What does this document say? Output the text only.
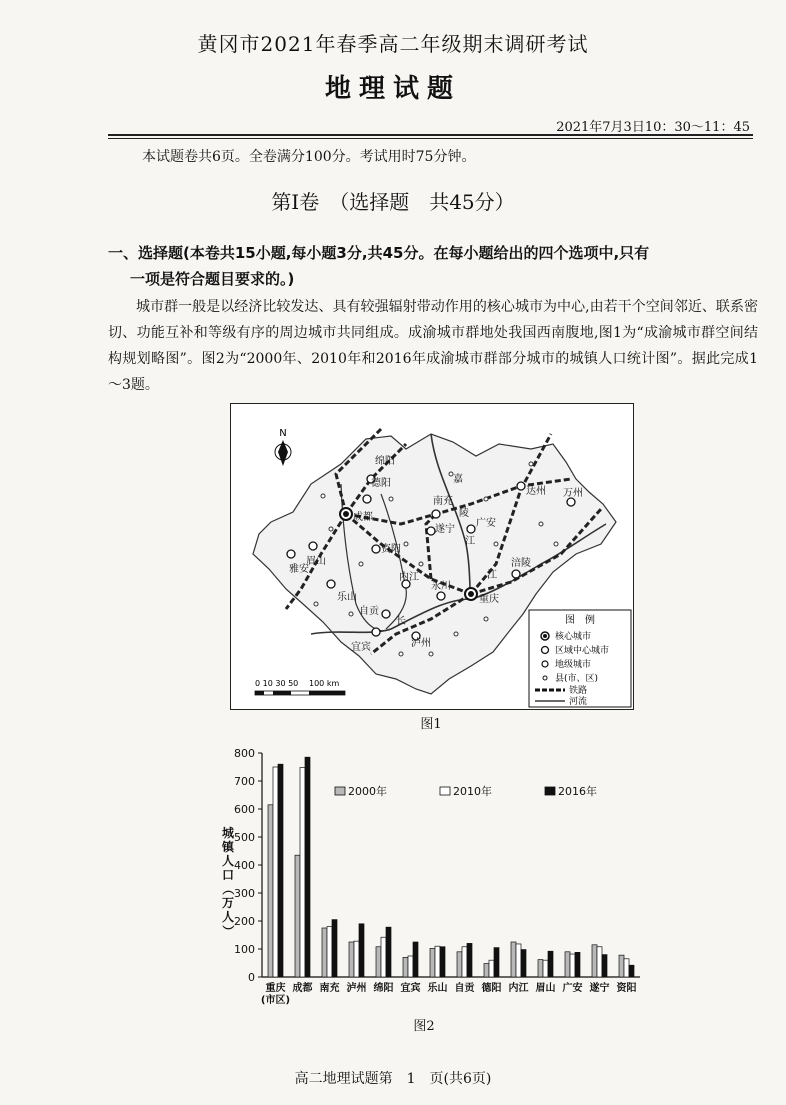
黄冈市2021年春季高二年级期末调研考试
地理试题
2021年7月3日10：30～11：45
本试题卷共6页。全卷满分100分。考试用时75分钟。
第Ⅰ卷　（选择题　共45分）
一、选择题(本卷共15小题,每小题3分,共45分。在每小题给出的四个选项中,只有
一项是符合题目要求的。)

城市群一般是以经济比较发达、具有较强辐射带动作用的核心城市为中心,由若干个空间邻近、联系密切、功能互补和等级有序的周边城市共同组成。成渝城市群地处我国西南腹地,图1为“成渝城市群空间结构规划略图”。图2为“2000年、2010年和2016年成渝城市群部分城市的城镇人口统计图”。据此完成1～3题。

绵阳
德阳
成都
南充
达州 万州
遂宁
广安
眉山
资阳
雅安
乐山
内江
永川
重庆
涪陵
自贡
宜宾	泸州
嘉
陵
江
长
江
N
0 10 30 50 100 km
图　例
核心城市
区域中心城市
地级城市
县(市、区)
铁路
河流
图1
0
100
200
300
400
500
600
700
800
城
镇
人
口
（
万
人
）
重庆
(市区)
成都 南充 泸州 绵阳 宜宾 乐山 自贡 德阳 内江 眉山 广安 遂宁 资阳
2000年	2010年	2016年
图2
高二地理试题第　1　页(共6页)
